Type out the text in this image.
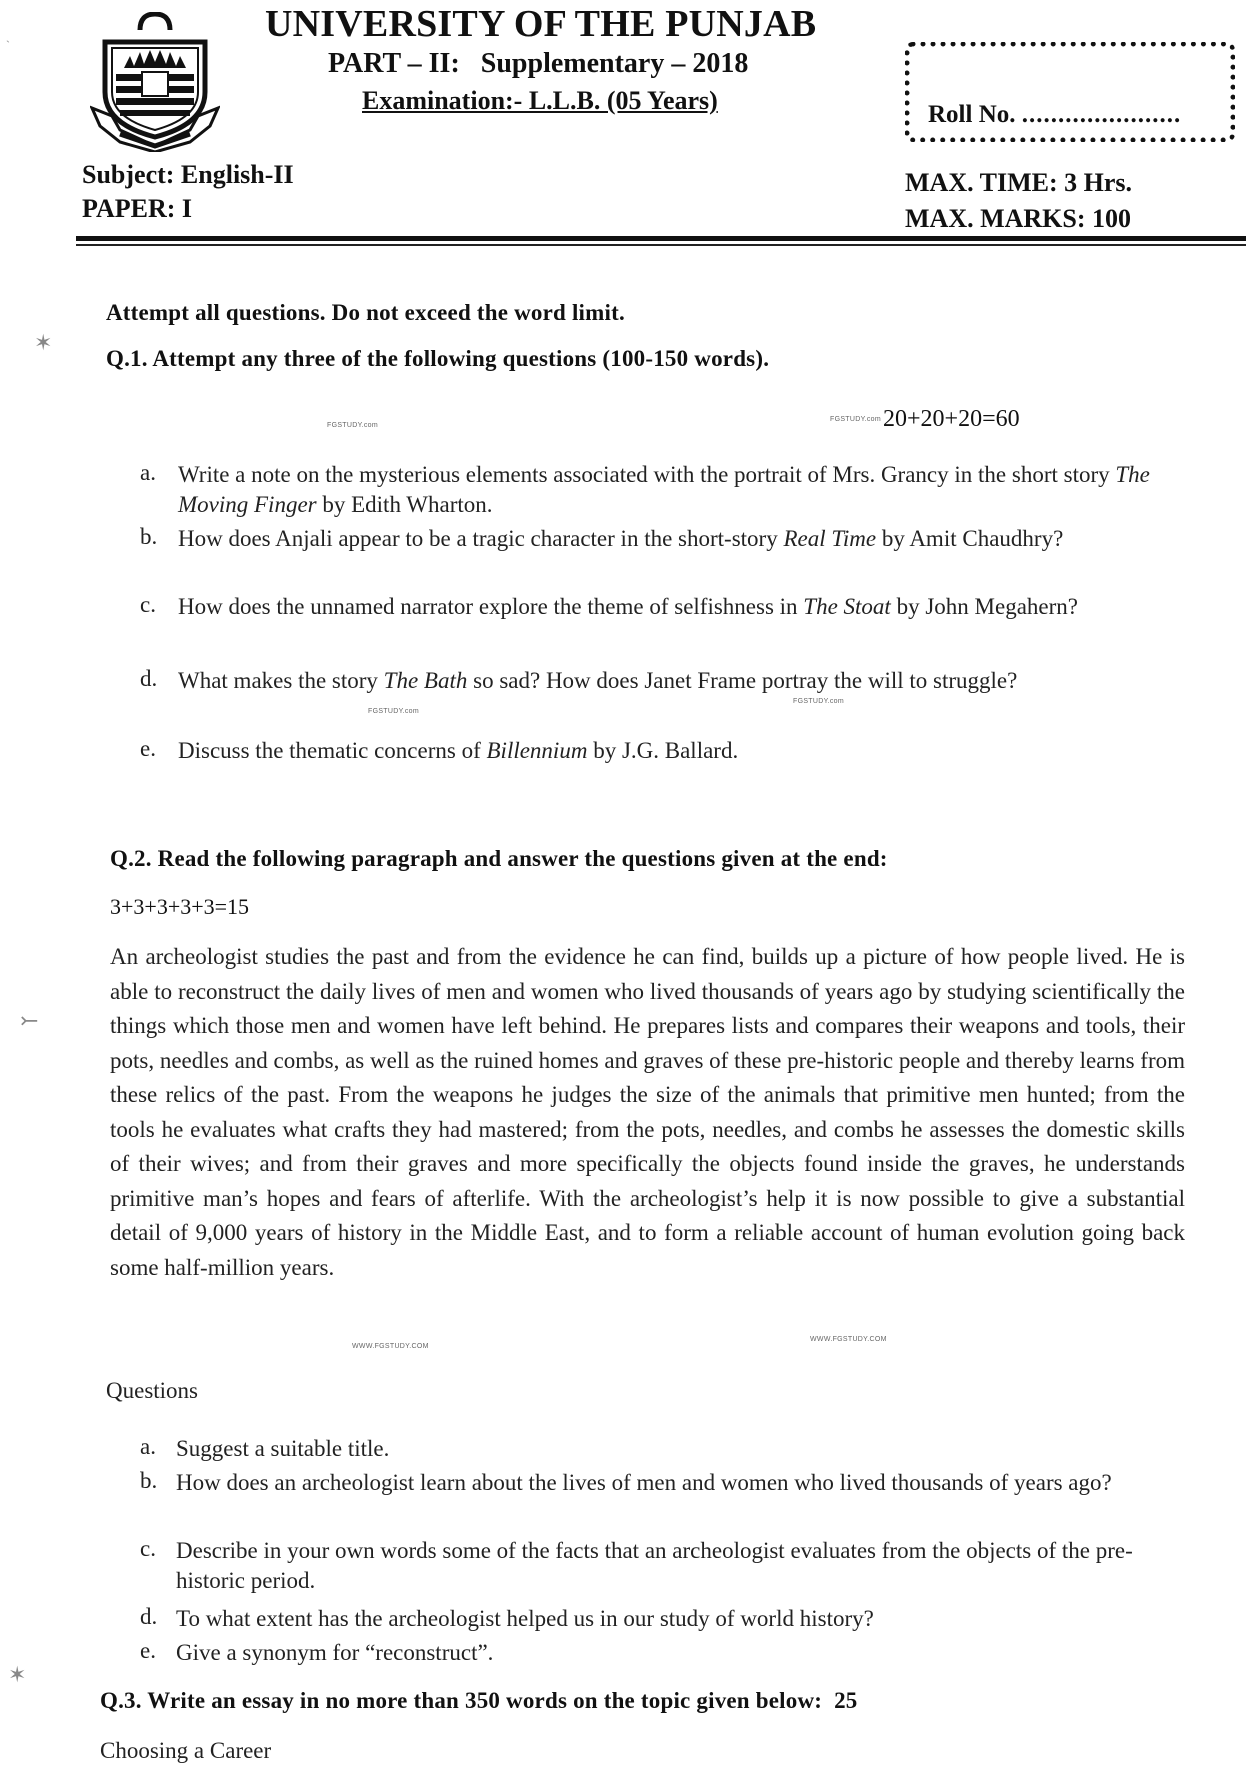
UNIVERSITY OF THE PUNJAB
PART – II: Supplementary – 2018
Examination:- L.L.B. (05 Years)
Subject: English-II
PAPER: I
Roll No. ......................
MAX. TIME: 3 Hrs.
MAX. MARKS: 100
`
✶
⤚
✶
Attempt all questions. Do not exceed the word limit.
Q.1. Attempt any three of the following questions (100-150 words).
FGSTUDY.com
FGSTUDY.com 20+20+20=60
a. Write a note on the mysterious elements associated with the portrait of Mrs. Grancy in the short story The Moving Finger by Edith Wharton.
b. How does Anjali appear to be a tragic character in the short-story Real Time by Amit Chaudhry?
c. How does the unnamed narrator explore the theme of selfishness in The Stoat by John Megahern?
d. What makes the story The Bath so sad? How does Janet Frame portray the will to struggle?
FGSTUDY.com
FGSTUDY.com
e. Discuss the thematic concerns of Billennium by J.G. Ballard.
Q.2. Read the following paragraph and answer the questions given at the end:
3+3+3+3+3=15
An archeologist studies the past and from the evidence he can find, builds up a picture of how people lived. He is able to reconstruct the daily lives of men and women who lived thousands of years ago by studying scientifically the things which those men and women have left behind. He prepares lists and compares their weapons and tools, their pots, needles and combs, as well as the ruined homes and graves of these pre-historic people and thereby learns from these relics of the past. From the weapons he judges the size of the animals that primitive men hunted; from the tools he evaluates what crafts they had mastered; from the pots, needles, and combs he assesses the domestic skills of their wives; and from their graves and more specifically the objects found inside the graves, he understands primitive man’s hopes and fears of afterlife. With the archeologist’s help it is now possible to give a substantial detail of 9,000 years of history in the Middle East, and to form a reliable account of human evolution going back some half-million years.
WWW.FGSTUDY.COM
WWW.FGSTUDY.COM
Questions
a. Suggest a suitable title.
b. How does an archeologist learn about the lives of men and women who lived thousands of years ago?
c. Describe in your own words some of the facts that an archeologist evaluates from the objects of the pre-historic period.
d. To what extent has the archeologist helped us in our study of world history?
e. Give a synonym for “reconstruct”.
Q.3. Write an essay in no more than 350 words on the topic given below: 25
Choosing a Career
